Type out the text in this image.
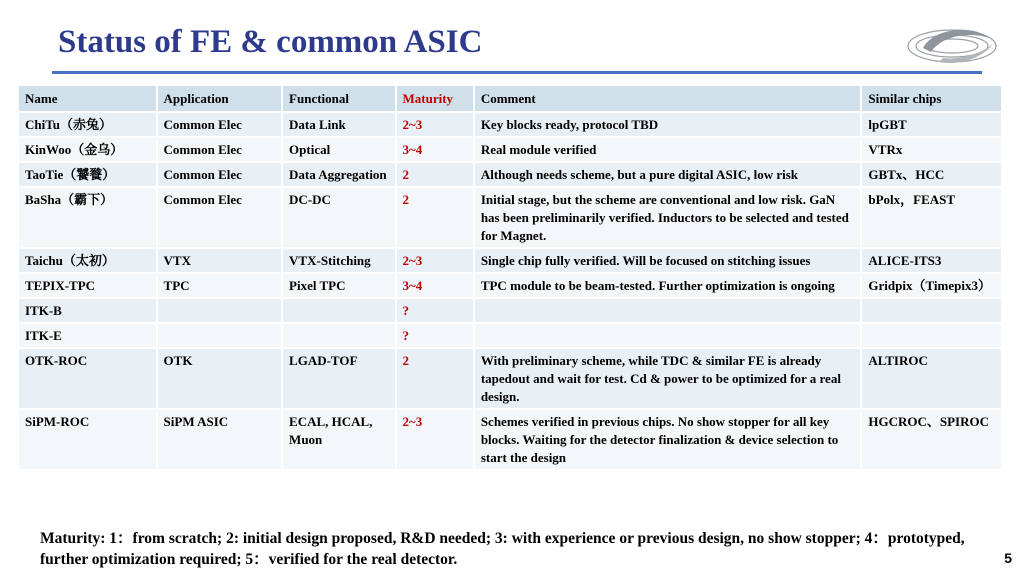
Status of FE & common ASIC
Name	Application	Functional	Maturity	Comment	Similar chips
ChiTu（赤兔）	Common Elec	Data Link	2~3	Key blocks ready, protocol TBD	lpGBT
KinWoo（金乌）	Common Elec	Optical	3~4	Real module verified	VTRx
TaoTie（饕餮）	Common Elec	Data Aggregation	2	Although needs scheme, but a pure digital ASIC, low risk	GBTx、HCC
BaSha（霸下）	Common Elec	DC-DC	2	Initial stage, but the scheme are conventional and low risk. GaN has been preliminarily verified. Inductors to be selected and tested for Magnet.	bPolx，FEAST
Taichu（太初）	VTX	VTX-Stitching	2~3	Single chip fully verified. Will be focused on stitching issues	ALICE-ITS3
TEPIX-TPC	TPC	Pixel TPC	3~4	TPC module to be beam-tested. Further optimization is ongoing	Gridpix（Timepix3）
ITK-B			?		
ITK-E			?		
OTK-ROC	OTK	LGAD-TOF	2	With preliminary scheme, while TDC & similar FE is already tapedout and wait for test. Cd & power to be optimized for a real design.	ALTIROC
SiPM-ROC	SiPM ASIC	ECAL, HCAL, Muon	2~3	Schemes verified in previous chips. No show stopper for all key blocks. Waiting for the detector finalization & device selection to start the design	HGCROC、SPIROC
Maturity: 1：from scratch; 2: initial design proposed, R&D needed; 3: with experience or previous design, no show stopper; 4：prototyped, further optimization required; 5：verified for the real detector.	5
